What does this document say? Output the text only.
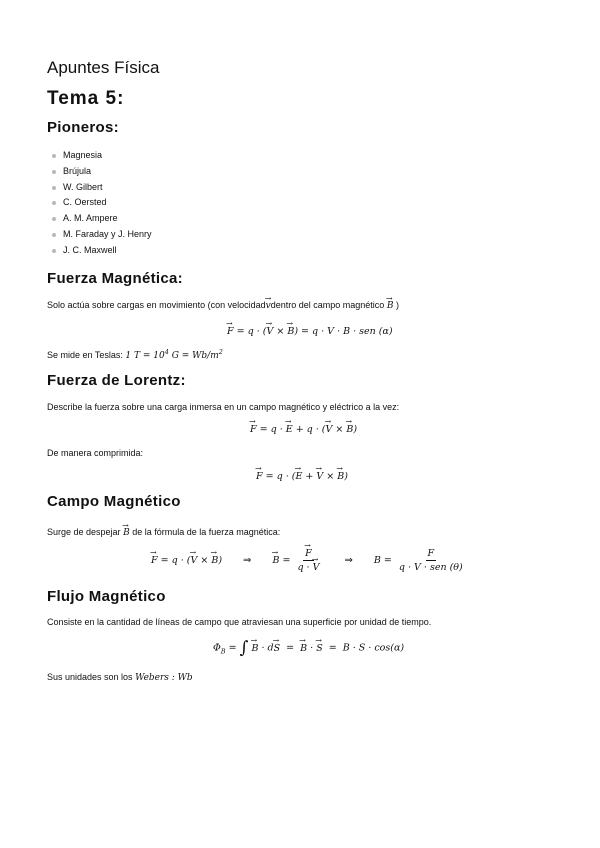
Apuntes Física
Tema 5:
Pioneros:
Magnesia
Brújula
W. Gilbert
C. Oersted
A. M. Ampere
M. Faraday y J. Henry
J. C. Maxwell
Fuerza Magnética:

Solo actúa sobre cargas en movimiento (con velocidad→ vdentro del campo magnético → B )

→ F = q · (→ V × → B) = q · V · B · sen (α)

Se mide en Teslas: 1 $T = 10^4$ $G = Wb/m^2$

Fuerza de Lorentz:

Describe la fuerza sobre una carga inmersa en un campo magnético y eléctrico a la vez:

→ F = q · → E + q · (→ V × → B)

De manera comprimida:

→ F = q · (→ E + → V × → B)
Campo Magnético

Surge de despejar → B de la fórmula de la fuerza magnética:

→ F = q · (→ V × → B) ⇒ → B = → $\frac{F}{q \cdot \to V}$ ⇒ $B = \frac{F}{\text{q · V · sen (θ)}}$
Flujo Magnético

Consiste en la cantidad de líneas de campo que atraviesan una superficie por unidad de tiempo.

$\Phi_B$ = ∫ → B · d→ S  =  → B · → S  =  B · S · cos(α)

Sus unidades son los Webers : Wb
